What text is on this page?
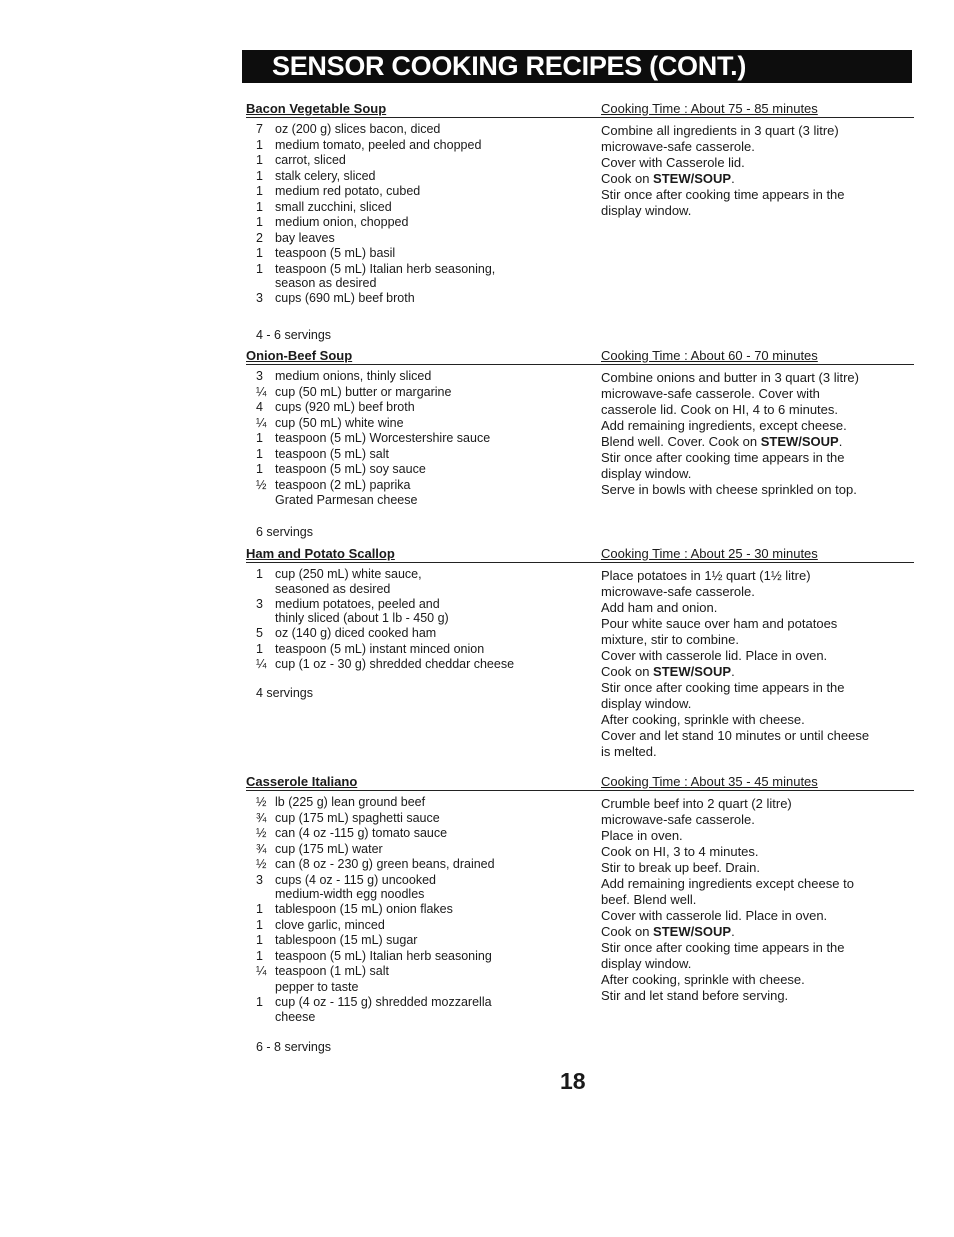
SENSOR COOKING RECIPES (CONT.)
Bacon Vegetable Soup	Cooking Time : About 75 - 85 minutes
7 oz (200 g) slices bacon, diced
1 medium tomato, peeled and chopped
1 carrot, sliced
1 stalk celery, sliced
1 medium red potato, cubed
1 small zucchini, sliced
1 medium onion, chopped
2 bay leaves
1 teaspoon (5 mL) basil
1 teaspoon (5 mL) Italian herb seasoning,
season as desired
3 cups (690 mL) beef broth
4 - 6 servings
Combine all ingredients in 3 quart (3 litre)
microwave-safe casserole.
Cover with Casserole lid.
Cook on STEW/SOUP.
Stir once after cooking time appears in the
display window.
Onion-Beef Soup	Cooking Time : About 60 - 70 minutes
3 medium onions, thinly sliced
¼ cup (50 mL) butter or margarine
4 cups (920 mL) beef broth
¼ cup (50 mL) white wine
1 teaspoon (5 mL) Worcestershire sauce
1 teaspoon (5 mL) salt
1 teaspoon (5 mL) soy sauce
½ teaspoon (2 mL) paprika
Grated Parmesan cheese
6 servings
Combine onions and butter in 3 quart (3 litre)
microwave-safe casserole. Cover with
casserole lid. Cook on HI, 4 to 6 minutes.
Add remaining ingredients, except cheese.
Blend well. Cover. Cook on STEW/SOUP.
Stir once after cooking time appears in the
display window.
Serve in bowls with cheese sprinkled on top.
Ham and Potato Scallop	Cooking Time : About 25 - 30 minutes
1 cup (250 mL) white sauce,
seasoned as desired
3 medium potatoes, peeled and
thinly sliced (about 1 lb - 450 g)
5 oz (140 g) diced cooked ham
1 teaspoon (5 mL) instant minced onion
¼ cup (1 oz - 30 g) shredded cheddar cheese
4 servings
Place potatoes in 1½ quart (1½ litre)
microwave-safe casserole.
Add ham and onion.
Pour white sauce over ham and potatoes
mixture, stir to combine.
Cover with casserole lid. Place in oven.
Cook on STEW/SOUP.
Stir once after cooking time appears in the
display window.
After cooking, sprinkle with cheese.
Cover and let stand 10 minutes or until cheese
is melted.
Casserole Italiano	Cooking Time : About 35 - 45 minutes
½ lb (225 g) lean ground beef
¾ cup (175 mL) spaghetti sauce
½ can (4 oz -115 g) tomato sauce
¾ cup (175 mL) water
½ can (8 oz - 230 g) green beans, drained
3 cups (4 oz - 115 g) uncooked
medium-width egg noodles
1 tablespoon (15 mL) onion flakes
1 clove garlic, minced
1 tablespoon (15 mL) sugar
1 teaspoon (5 mL) Italian herb seasoning
¼ teaspoon (1 mL) salt
pepper to taste
1 cup (4 oz - 115 g) shredded mozzarella
cheese
6 - 8 servings
Crumble beef into 2 quart (2 litre)
microwave-safe casserole.
Place in oven.
Cook on HI, 3 to 4 minutes.
Stir to break up beef. Drain.
Add remaining ingredients except cheese to
beef. Blend well.
Cover with casserole lid. Place in oven.
Cook on STEW/SOUP.
Stir once after cooking time appears in the
display window.
After cooking, sprinkle with cheese.
Stir and let stand before serving.
18
